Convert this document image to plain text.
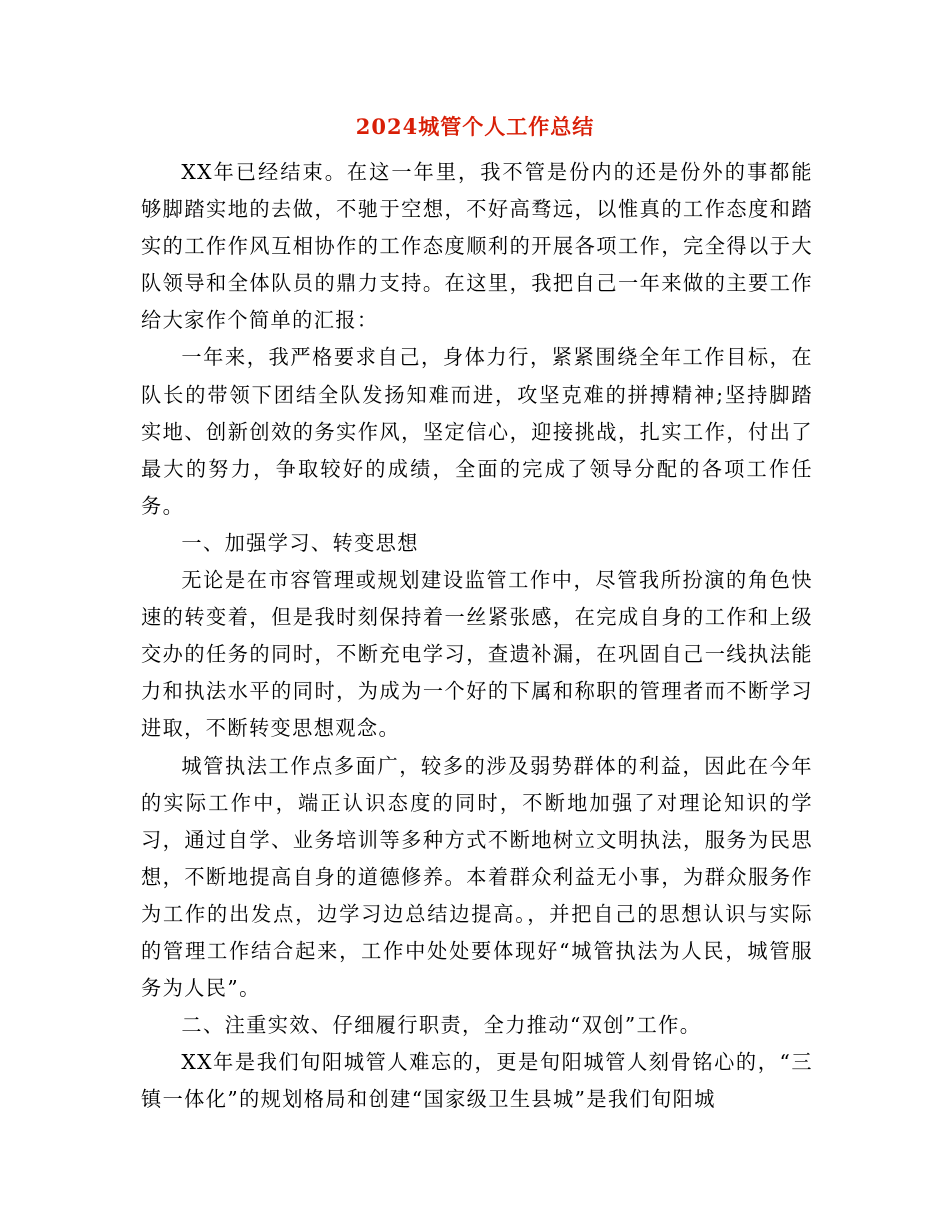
2024城管个人工作总结

XX年已经结束。在这一年里，我不管是份内的还是份外的事都能够脚踏实地的去做，不驰于空想，不好高骛远，以惟真的工作态度和踏实的工作作风互相协作的工作态度顺利的开展各项工作，完全得以于大队领导和全体队员的鼎力支持。在这里，我把自己一年来做的主要工作给大家作个简单的汇报：

一年来，我严格要求自己，身体力行，紧紧围绕全年工作目标，在队长的带领下团结全队发扬知难而进，攻坚克难的拼搏精神;坚持脚踏实地、创新创效的务实作风，坚定信心，迎接挑战，扎实工作，付出了最大的努力，争取较好的成绩，全面的完成了领导分配的各项工作任务。

一、加强学习、转变思想

无论是在市容管理或规划建设监管工作中，尽管我所扮演的角色快速的转变着，但是我时刻保持着一丝紧张感，在完成自身的工作和上级交办的任务的同时，不断充电学习，查遗补漏，在巩固自己一线执法能力和执法水平的同时，为成为一个好的下属和称职的管理者而不断学习进取，不断转变思想观念。

城管执法工作点多面广，较多的涉及弱势群体的利益，因此在今年的实际工作中，端正认识态度的同时，不断地加强了对理论知识的学习，通过自学、业务培训等多种方式不断地树立文明执法，服务为民思想，不断地提高自身的道德修养。本着群众利益无小事，为群众服务作为工作的出发点，边学习边总结边提高。，并把自己的思想认识与实际的管理工作结合起来，工作中处处要体现好“城管执法为人民，城管服务为人民”。

二、注重实效、仔细履行职责，全力推动“双创”工作。

XX年是我们旬阳城管人难忘的，更是旬阳城管人刻骨铭心的，“三镇一体化”的规划格局和创建“国家级卫生县城”是我们旬阳城
